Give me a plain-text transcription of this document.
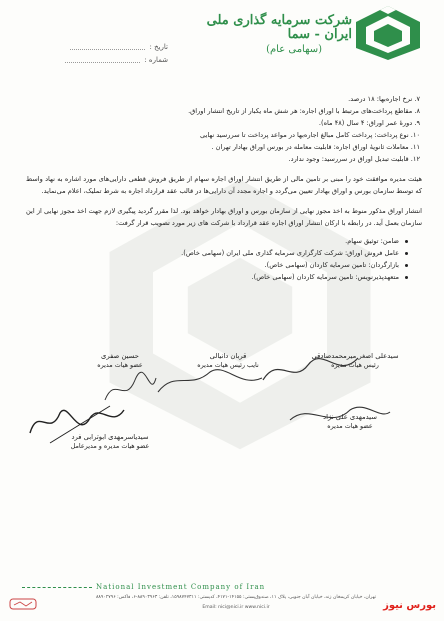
شرکت سرمایه گذاری ملی ایران - سما
(سهامی عام)
تاریخ :
شماره :
۷. نرخ اجاره‌بها: ۱۸ درصد.
۸. مقاطع پرداخت‌های مرتبط با اوراق اجاره: هر شش ماه یکبار از تاریخ انتشار اوراق.
۹. دورۀ عمر اوراق: ۴ سال (۴۸ ماه).
۱۰. نوع پرداخت: پرداخت کامل مبالغ اجاره‌بها در مواعد پرداخت تا سررسید نهایی
۱۱. معاملات ثانویۀ اوراق اجاره: قابلیت معامله در بورس اوراق بهادار تهران .
۱۲. قابلیت تبدیل اوراق در سررسید: وجود ندارد.
هیئت مدیره موافقت خود را مبنی بر تامین مالی از طریق انتشار اوراق اجاره سهام از طریق فروش قطعی دارایی‌های مورد اشاره به نهاد واسط که توسط سازمان بورس و اوراق بهادار تعیین می‌گردد و اجاره مجدد آن دارایی‌ها در قالب عقد قرارداد اجاره به شرط تملیک، اعلام می‌نماید.
انتشار اوراق مذکور منوط به اخذ مجوز نهایی از سازمان بورس و اوراق بهادار خواهد بود. لذا مقرر گردید پیگیری لازم جهت اخذ مجوز نهایی از این سازمان بعمل آید. در رابطه با ارکان انتشار اوراق اجاره عقد قرارداد با شرکت های زیر مورد تصویب قرار گرفت:
ضامن: توثیق سهام.
عامل فروش اوراق: شرکت کارگزاری سرمایه گذاری ملی ایران (سهامی خاص).
بازارگردان: تامین سرمایه کاردان (سهامی خاص).
متعهدپذیرنویس: تامین سرمایه کاردان (سهامی خاص).
سیدعلی اصغر میرمحمدصادقی
رئیس هیات مدیره
قربان دانیالی
نایب رئیس هیات مدیره
حسین صفری
عضو هیات مدیره
سیدمهدی علی نژاد
عضو هیات مدیره
سیدیاسرمهدی ابوترابی فرد
عضو هیات مدیره و مدیرعامل
National Investment Company of Iran
تهران، خیابان کریمخان زند، خیابان آبان جنوبی، پلاک ۱۱، صندوق‌پستی: ۱۴۱۵۵-۴۱۷۱، کدپستی: ۱۵۹۸۷۴۷۳۱۱، تلفن: ۸۸۹۰۳۹۶۳-۶، فاکس: ۸۸۹۰۲۷۹۶
Email: nici@nici.ir www.nici.ir	بورس نیوز
